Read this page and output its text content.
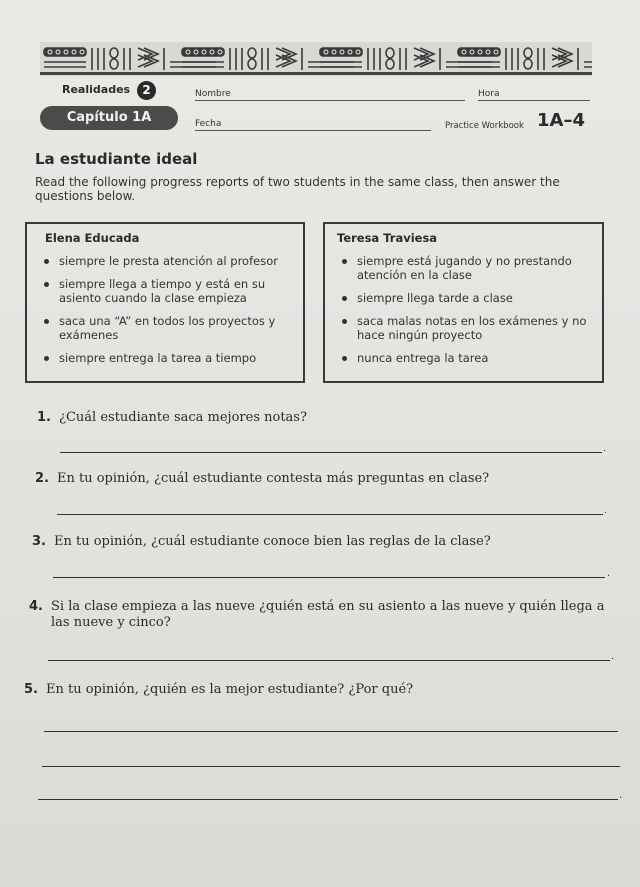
Realidades	2	Nombre	Hora
Capítulo 1A	Fecha	Practice Workbook 1A–4
La estudiante ideal
Read the following progress reports of two students in the same class, then answer the questions below.
Elena Educada
siempre le presta atención al profesor
siempre llega a tiempo y está en su asiento cuando la clase empieza
saca una “A” en todos los proyectos y exámenes
siempre entrega la tarea a tiempo
Teresa Traviesa
siempre está jugando y no prestando atención en la clase
siempre llega tarde a clase
saca malas notas en los exámenes y no hace ningún proyecto
nunca entrega la tarea
1. ¿Cuál estudiante saca mejores notas?
.
2. En tu opinión, ¿cuál estudiante contesta más preguntas en clase?
.
3. En tu opinión, ¿cuál estudiante conoce bien las reglas de la clase?
.
4. Si la clase empieza a las nueve ¿quién está en su asiento a las nueve y quién llega a las nueve y cinco?
.
5. En tu opinión, ¿quién es la mejor estudiante? ¿Por qué?
.
